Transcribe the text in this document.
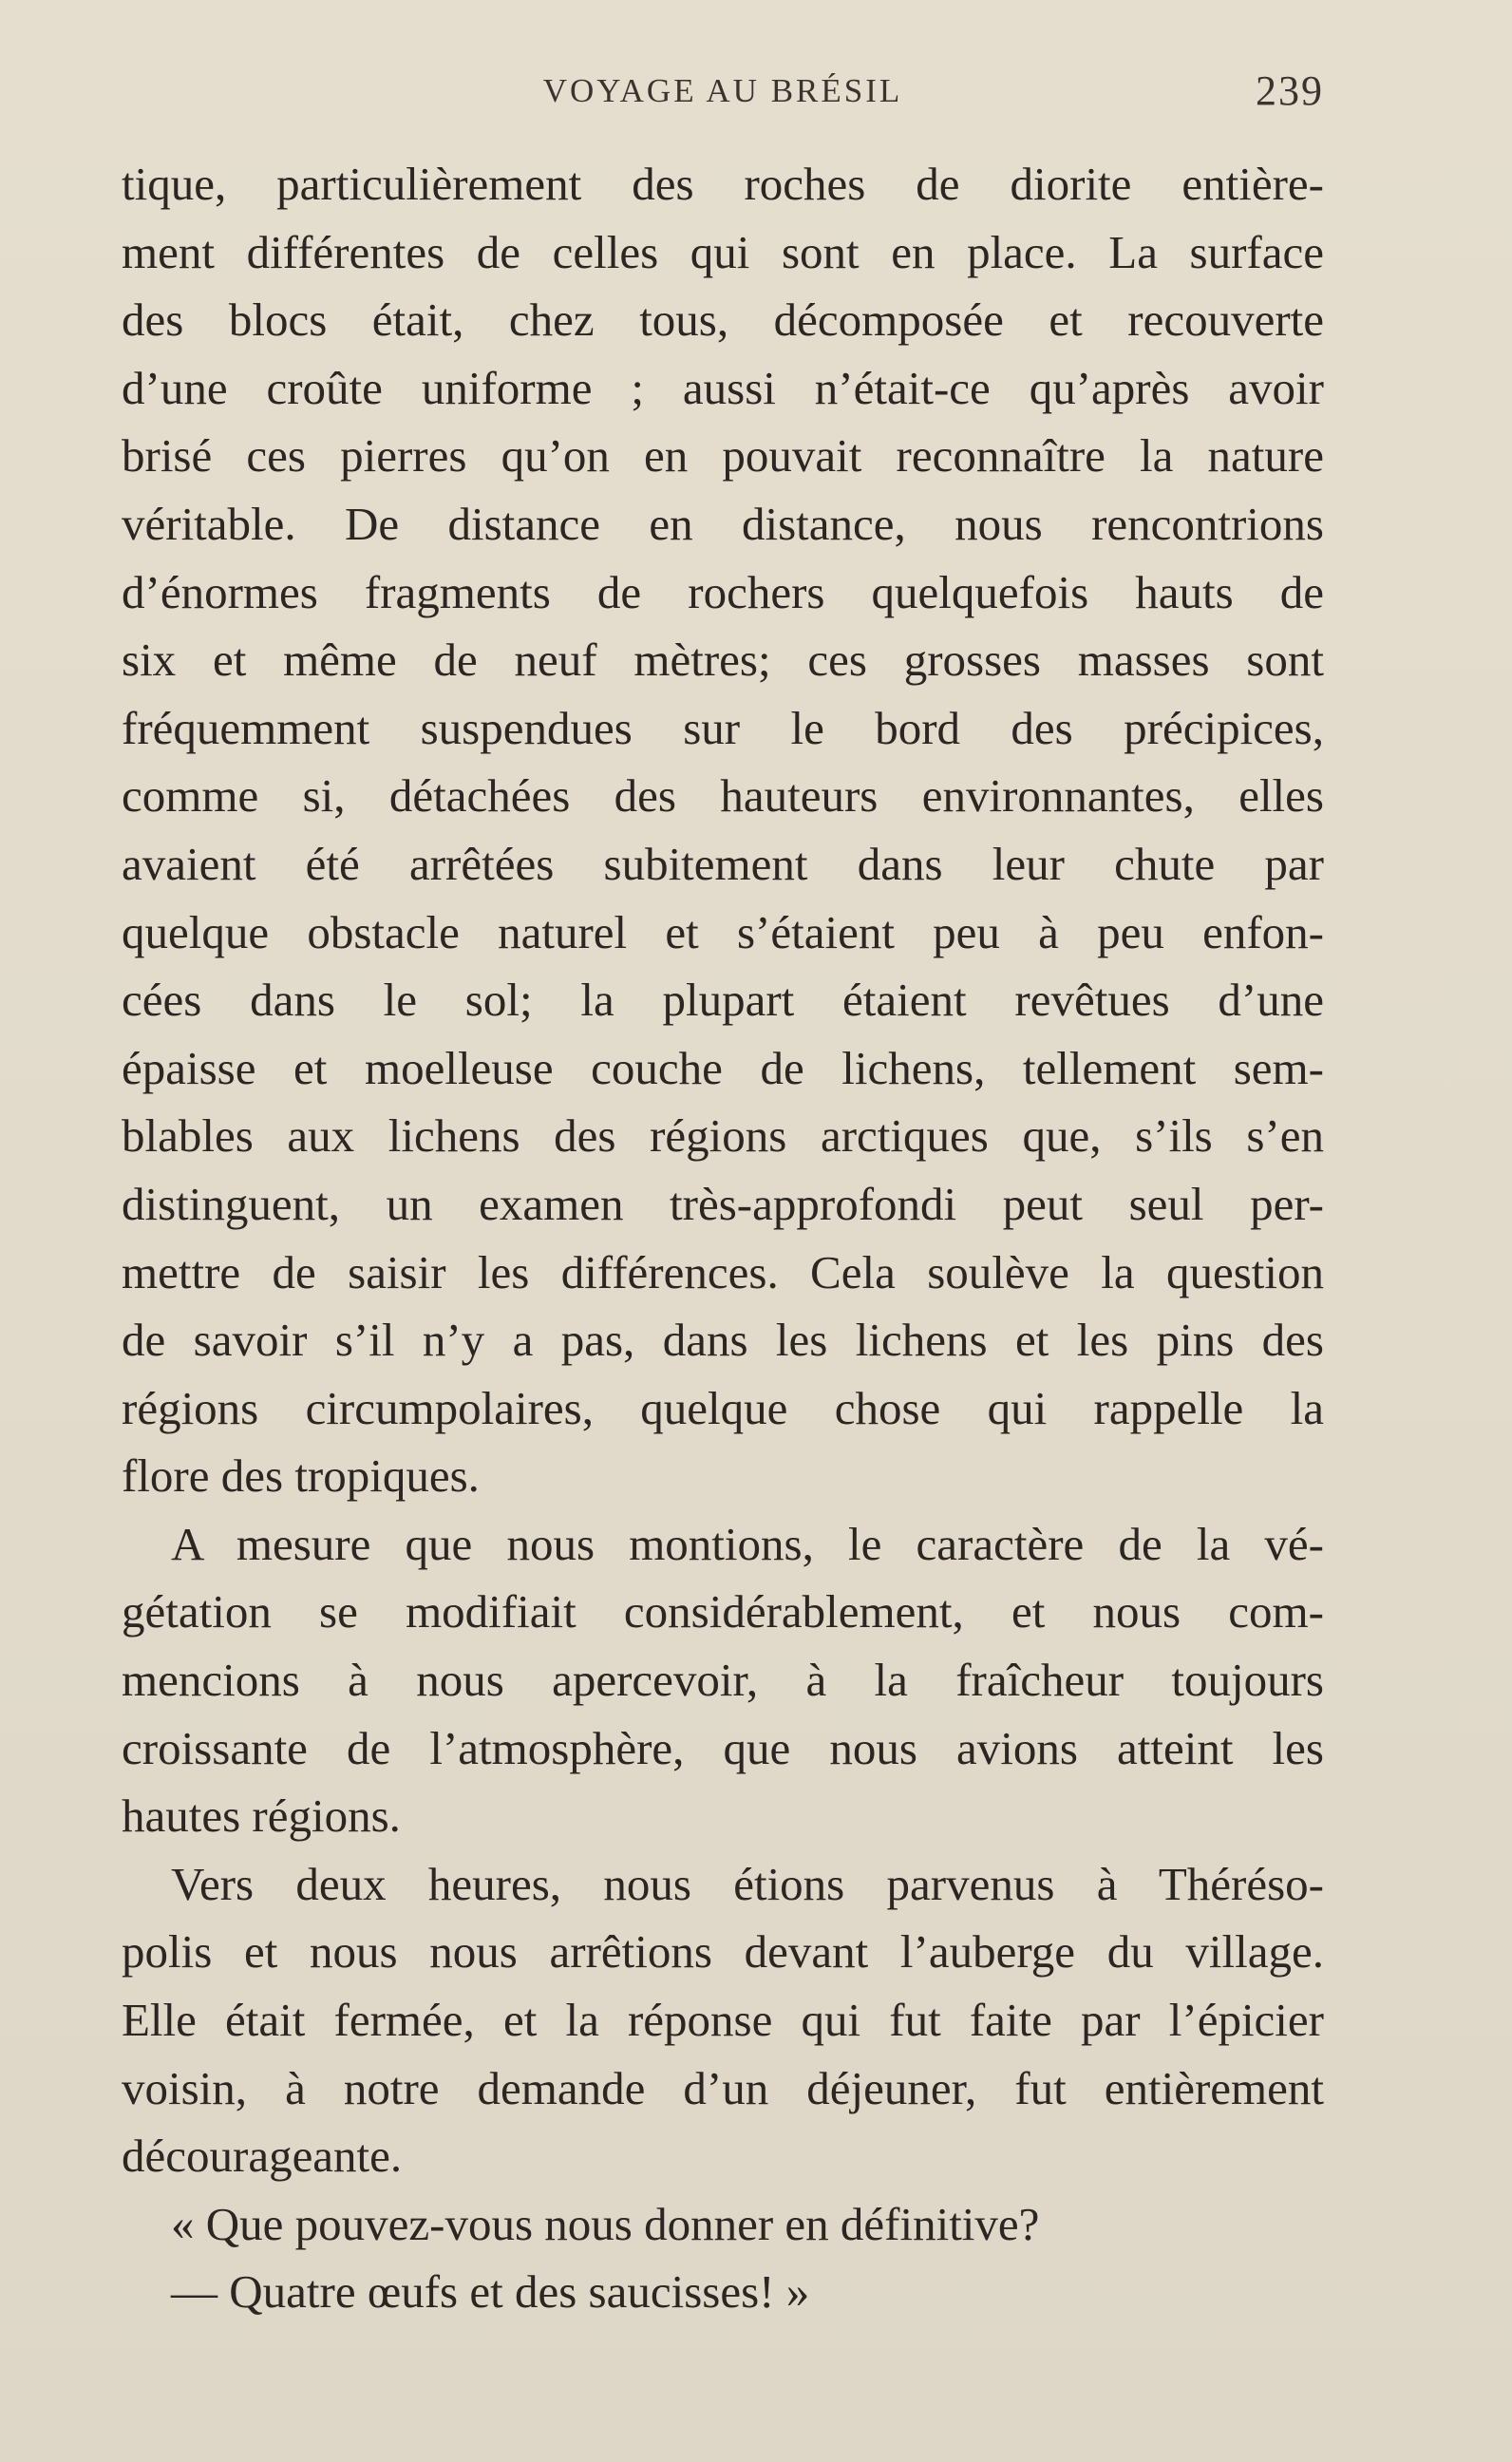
VOYAGE AU BRÉSIL	239
tique, particulièrement des roches de diorite entière-
ment différentes de celles qui sont en place. La surface
des blocs était, chez tous, décomposée et recouverte
d’une croûte uniforme ; aussi n’était-ce qu’après avoir
brisé ces pierres qu’on en pouvait reconnaître la nature
véritable. De distance en distance, nous rencontrions
d’énormes fragments de rochers quelquefois hauts de
six et même de neuf mètres; ces grosses masses sont
fréquemment suspendues sur le bord des précipices,
comme si, détachées des hauteurs environnantes, elles
avaient été arrêtées subitement dans leur chute par
quelque obstacle naturel et s’étaient peu à peu enfon-
cées dans le sol; la plupart étaient revêtues d’une
épaisse et moelleuse couche de lichens, tellement sem-
blables aux lichens des régions arctiques que, s’ils s’en
distinguent, un examen très-approfondi peut seul per-
mettre de saisir les différences. Cela soulève la question
de savoir s’il n’y a pas, dans les lichens et les pins des
régions circumpolaires, quelque chose qui rappelle la
flore des tropiques.
A mesure que nous montions, le caractère de la vé-
gétation se modifiait considérablement, et nous com-
mencions à nous apercevoir, à la fraîcheur toujours
croissante de l’atmosphère, que nous avions atteint les
hautes régions.
Vers deux heures, nous étions parvenus à Théréso-
polis et nous nous arrêtions devant l’auberge du village.
Elle était fermée, et la réponse qui fut faite par l’épicier
voisin, à notre demande d’un déjeuner, fut entièrement
décourageante.
« Que pouvez-vous nous donner en définitive?
— Quatre œufs et des saucisses! »
